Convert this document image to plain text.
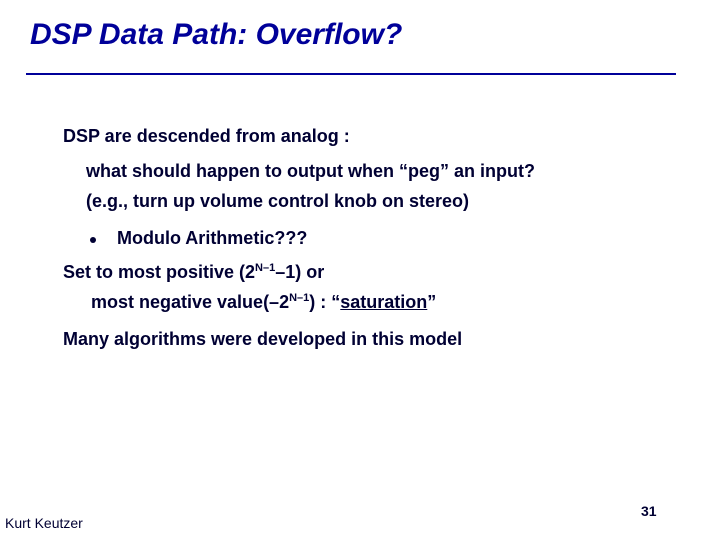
DSP Data Path: Overflow?
DSP are descended from analog :
what should happen to output when “peg” an input?
(e.g., turn up volume control knob on stereo)
Modulo Arithmetic???
Set to most positive $(2^{N-1}-1)$ or
most negative $value(-2^{N-1})$ : “saturation”
Many algorithms were developed in this model
Kurt Keutzer
31
